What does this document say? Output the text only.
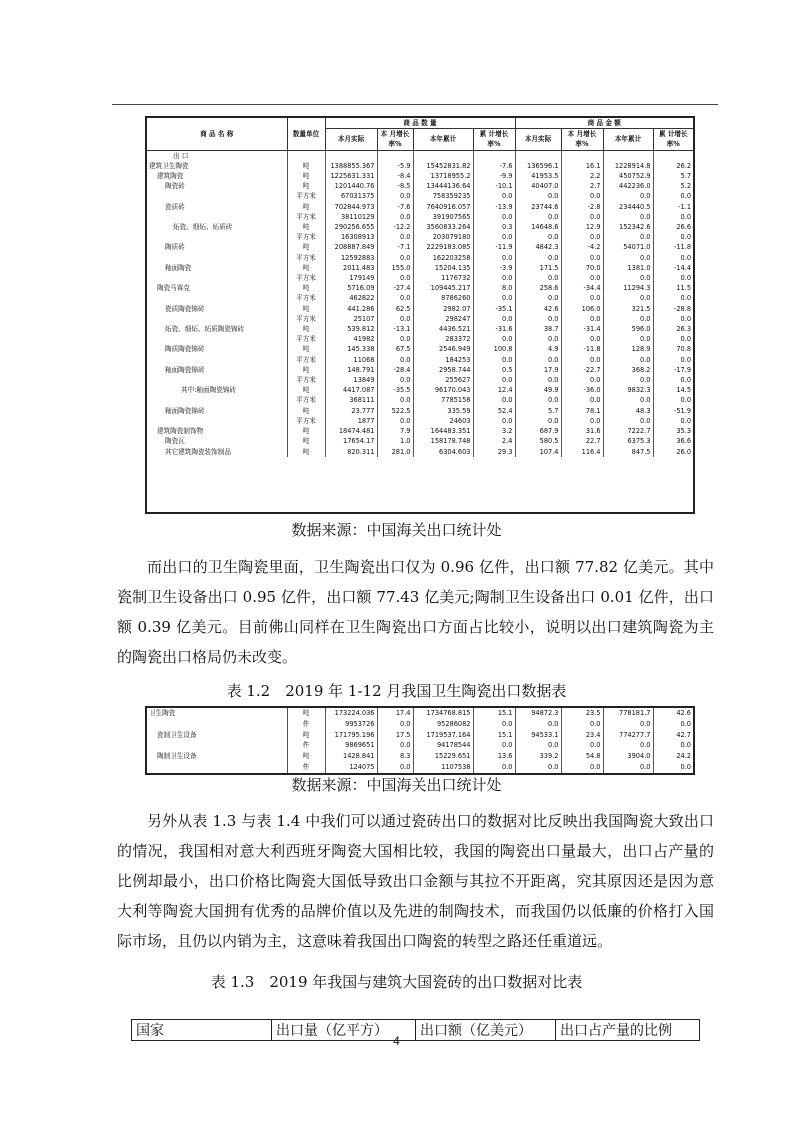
商 品 名 称	数量单位	商 品 数 量				商 品 金 额			
		本月实际	本 月增长率%	本年累计	累 计增长率%	本月实际	本 月增长率%	本年累计	累 计增长率%
出 口									
建筑卫生陶瓷	吨	1388855.367	-5.9	15452831.82	-7.6	136596.1	16.1	1228914.8	26.2
建筑陶瓷	吨	1225631.331	-8.4	13718955.2	-9.9	41953.5	2.2	450752.9	5.7
陶瓷砖	吨	1201440.76	-8.5	13444136.64	-10.1	40407.0	2.7	442236.0	5.2
	平方米	67031375	0.0	758359235	0.0	0.0	0.0	0.0	0.0
瓷质砖	吨	702844.973	-7.6	7640916.057	-13.9	23744.6	-2.8	234440.5	-1.1
	平方米	38110129	0.0	391907565	0.0	0.0	0.0	0.0	0.0
炻瓷、细炻、炻质砖	吨	290256.655	-12.2	3560833.264	0.3	14648.6	12.9	152342.6	26.6
	平方米	16308913	0.0	203079180	0.0	0.0	0.0	0.0	0.0
陶质砖	吨	208887.849	-7.1	2229183.085	-11.9	4842.3	-4.2	54071.0	-11.8
	平方米	12592883	0.0	162203258	0.0	0.0	0.0	0.0	0.0
釉面陶瓷	吨	2011.483	155.0	15204.135	-3.9	171.5	70.0	1381.0	-14.4
	平方米	179149	0.0	1176732	0.0	0.0	0.0	0.0	0.0
陶瓷马赛克	吨	5716.09	-27.4	109445.217	8.0	258.6	-34.4	11294.3	11.5
	平方米	462822	0.0	8786260	0.0	0.0	0.0	0.0	0.0
瓷质陶瓷锦砖	吨	441.286	62.5	2982.07	-35.1	42.6	106.0	321.5	-28.8
	平方米	25107	0.0	298247	0.0	0.0	0.0	0.0	0.0
炻瓷、细炻、炻质陶瓷锦砖	吨	539.812	-13.1	4436.521	-31.6	38.7	-31.4	596.0	26.3
	平方米	41982	0.0	283372	0.0	0.0	0.0	0.0	0.0
陶质陶瓷锦砖	吨	145.338	67.5	2546.949	100.8	4.9	-11.8	128.9	70.8
	平方米	11068	0.0	184253	0.0	0.0	0.0	0.0	0.0
釉面陶瓷锦砖	吨	148.791	-28.4	2958.744	0.5	17.9	-22.7	368.2	-17.9
	平方米	13849	0.0	255627	0.0	0.0	0.0	0.0	0.0
其中:釉面陶瓷锦砖	吨	4417.087	-35.5	96170.043	12.4	49.9	-36.0	9832.3	14.5
	平方米	368111	0.0	7785158	0.0	0.0	0.0	0.0	0.0
釉面陶瓷锦砖	吨	23.777	522.5	335.59	52.4	5.7	78.1	48.3	-51.9
	平方米	1877	0.0	24603	0.0	0.0	0.0	0.0	0.0
建筑陶瓷制饰物	吨	18474.481	7.9	164483.351	3.2	687.9	31.6	7222.7	35.3
陶瓷瓦	吨	17654.17	1.0	158178.748	2.4	580.5	22.7	6375.3	36.6
其它建筑陶瓷装饰制品	吨	820.311	281.0	6304.603	29.3	107.4	116.4	847.5	26.0
数据来源：中国海关出口统计处

而出口的卫生陶瓷里面，卫生陶瓷出口仅为 0.96 亿件，出口额 77.82 亿美元。其中瓷制卫生设备出口 0.95 亿件，出口额 77.43 亿美元;陶制卫生设备出口 0.01 亿件，出口额 0.39 亿美元。目前佛山同样在卫生陶瓷出口方面占比较小，说明以出口建筑陶瓷为主的陶瓷出口格局仍未改变。

表 1.2　2019 年 1-12 月我国卫生陶瓷出口数据表
卫生陶瓷	吨	173224.036	17.4	1734768.815	15.1	94872.3	23.5	778181.7	42.6
	件	9953726	0.0	95286082	0.0	0.0	0.0	0.0	0.0
瓷制卫生设备	吨	171795.196	17.5	1719537.164	15.1	94533.1	23.4	774277.7	42.7
	件	9869651	0.0	94178544	0.0	0.0	0.0	0.0	0.0
陶制卫生设备	吨	1428.841	8.3	15229.651	13.6	339.2	54.8	3904.0	24.2
	件	124075	0.0	1107538	0.0	0.0	0.0	0.0	0.0
数据来源：中国海关出口统计处

另外从表 1.3 与表 1.4 中我们可以通过瓷砖出口的数据对比反映出我国陶瓷大致出口的情况，我国相对意大利西班牙陶瓷大国相比较，我国的陶瓷出口量最大，出口占产量的比例却最小，出口价格比陶瓷大国低导致出口金额与其拉不开距离，究其原因还是因为意大利等陶瓷大国拥有优秀的品牌价值以及先进的制陶技术，而我国仍以低廉的价格打入国际市场，且仍以内销为主，这意味着我国出口陶瓷的转型之路还任重道远。

表 1.3　2019 年我国与建筑大国瓷砖的出口数据对比表
国家	出口量（亿平方）	出口额（亿美元）	出口占产量的比例
4
